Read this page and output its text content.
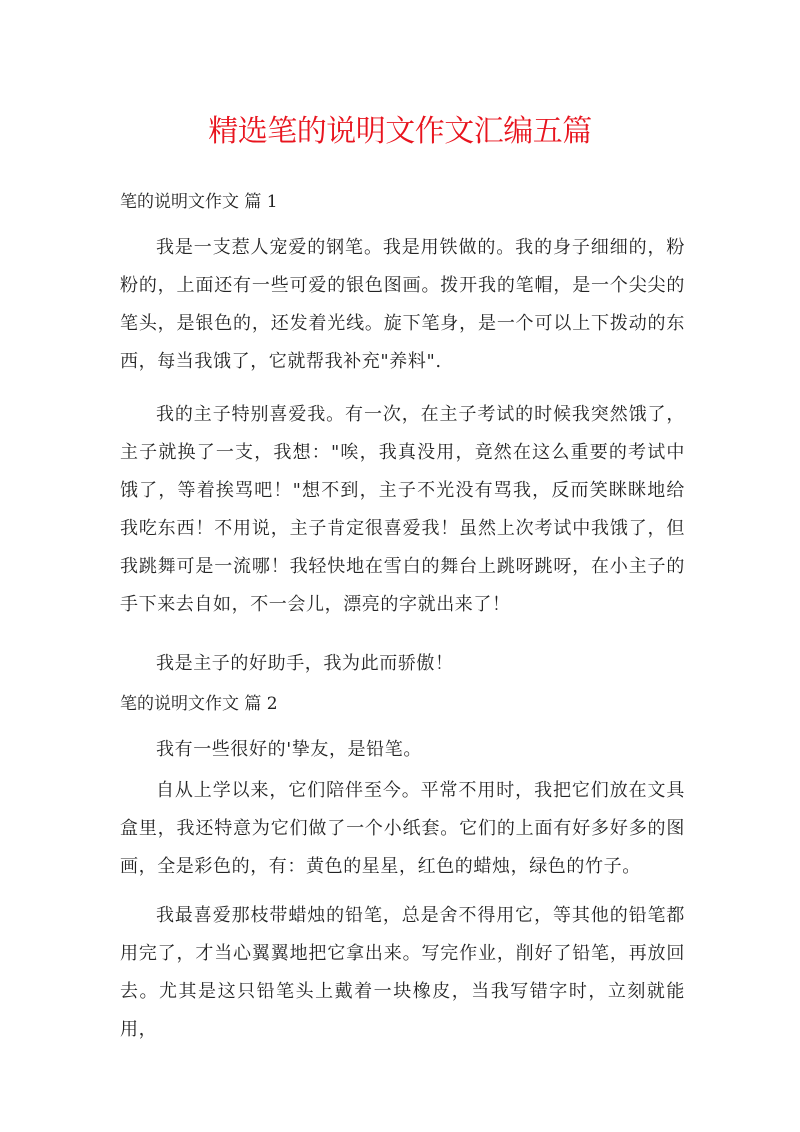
精选笔的说明文作文汇编五篇
笔的说明文作文 篇 1
我是一支惹人宠爱的钢笔。我是用铁做的。我的身子细细的，粉粉的，上面还有一些可爱的银色图画。拨开我的笔帽，是一个尖尖的笔头，是银色的，还发着光线。旋下笔身，是一个可以上下拨动的东西，每当我饿了，它就帮我补充"养料".
我的主子特别喜爱我。有一次，在主子考试的时候我突然饿了，主子就换了一支，我想："唉，我真没用，竟然在这么重要的考试中饿了，等着挨骂吧！"想不到，主子不光没有骂我，反而笑眯眯地给我吃东西！不用说，主子肯定很喜爱我！虽然上次考试中我饿了，但我跳舞可是一流哪！我轻快地在雪白的舞台上跳呀跳呀，在小主子的手下来去自如，不一会儿，漂亮的字就出来了！
我是主子的好助手，我为此而骄傲！
笔的说明文作文 篇 2
我有一些很好的'挚友，是铅笔。
自从上学以来，它们陪伴至今。平常不用时，我把它们放在文具盒里，我还特意为它们做了一个小纸套。它们的上面有好多好多的图画，全是彩色的，有：黄色的星星，红色的蜡烛，绿色的竹子。
我最喜爱那枝带蜡烛的铅笔，总是舍不得用它，等其他的铅笔都用完了，才当心翼翼地把它拿出来。写完作业，削好了铅笔，再放回去。尤其是这只铅笔头上戴着一块橡皮，当我写错字时，立刻就能用，
